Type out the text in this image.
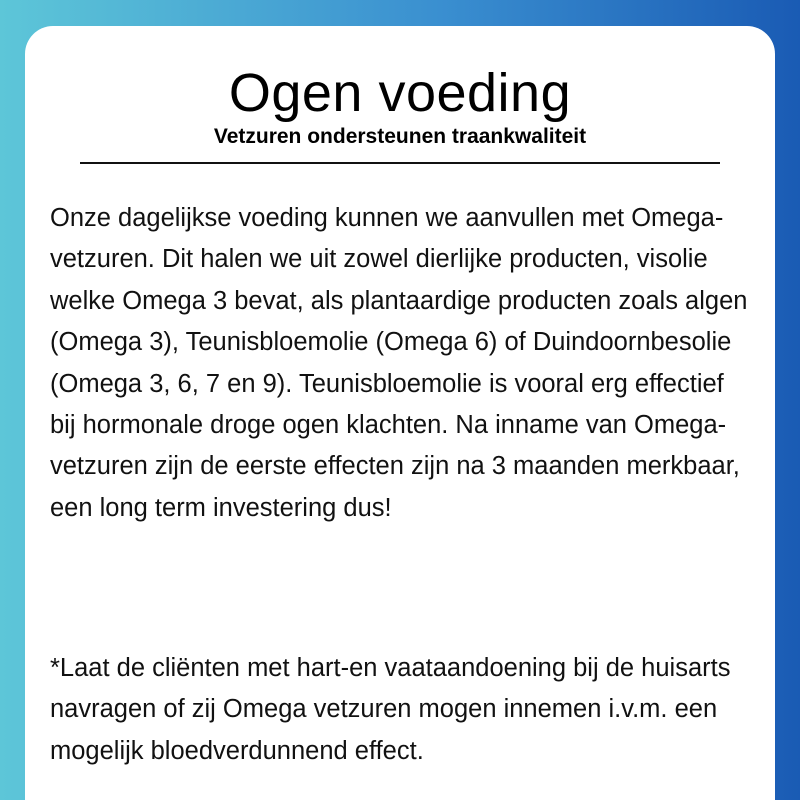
Ogen voeding
Vetzuren ondersteunen traankwaliteit

Onze dagelijkse voeding kunnen we aanvullen met Omega-vetzuren. Dit halen we uit zowel dierlijke producten, visolie welke Omega 3 bevat, als plantaardige producten zoals algen (Omega 3), Teunisbloemolie (Omega 6) of Duindoornbesolie (Omega 3, 6, 7 en 9). Teunisbloemolie is vooral erg effectief bij hormonale droge ogen klachten. Na inname van Omega-vetzuren zijn de eerste effecten zijn na 3 maanden merkbaar, een long term investering dus!

*Laat de cliënten met hart-en vaataandoening bij de huisarts navragen of zij Omega vetzuren mogen innemen i.v.m. een mogelijk bloedverdunnend effect.
